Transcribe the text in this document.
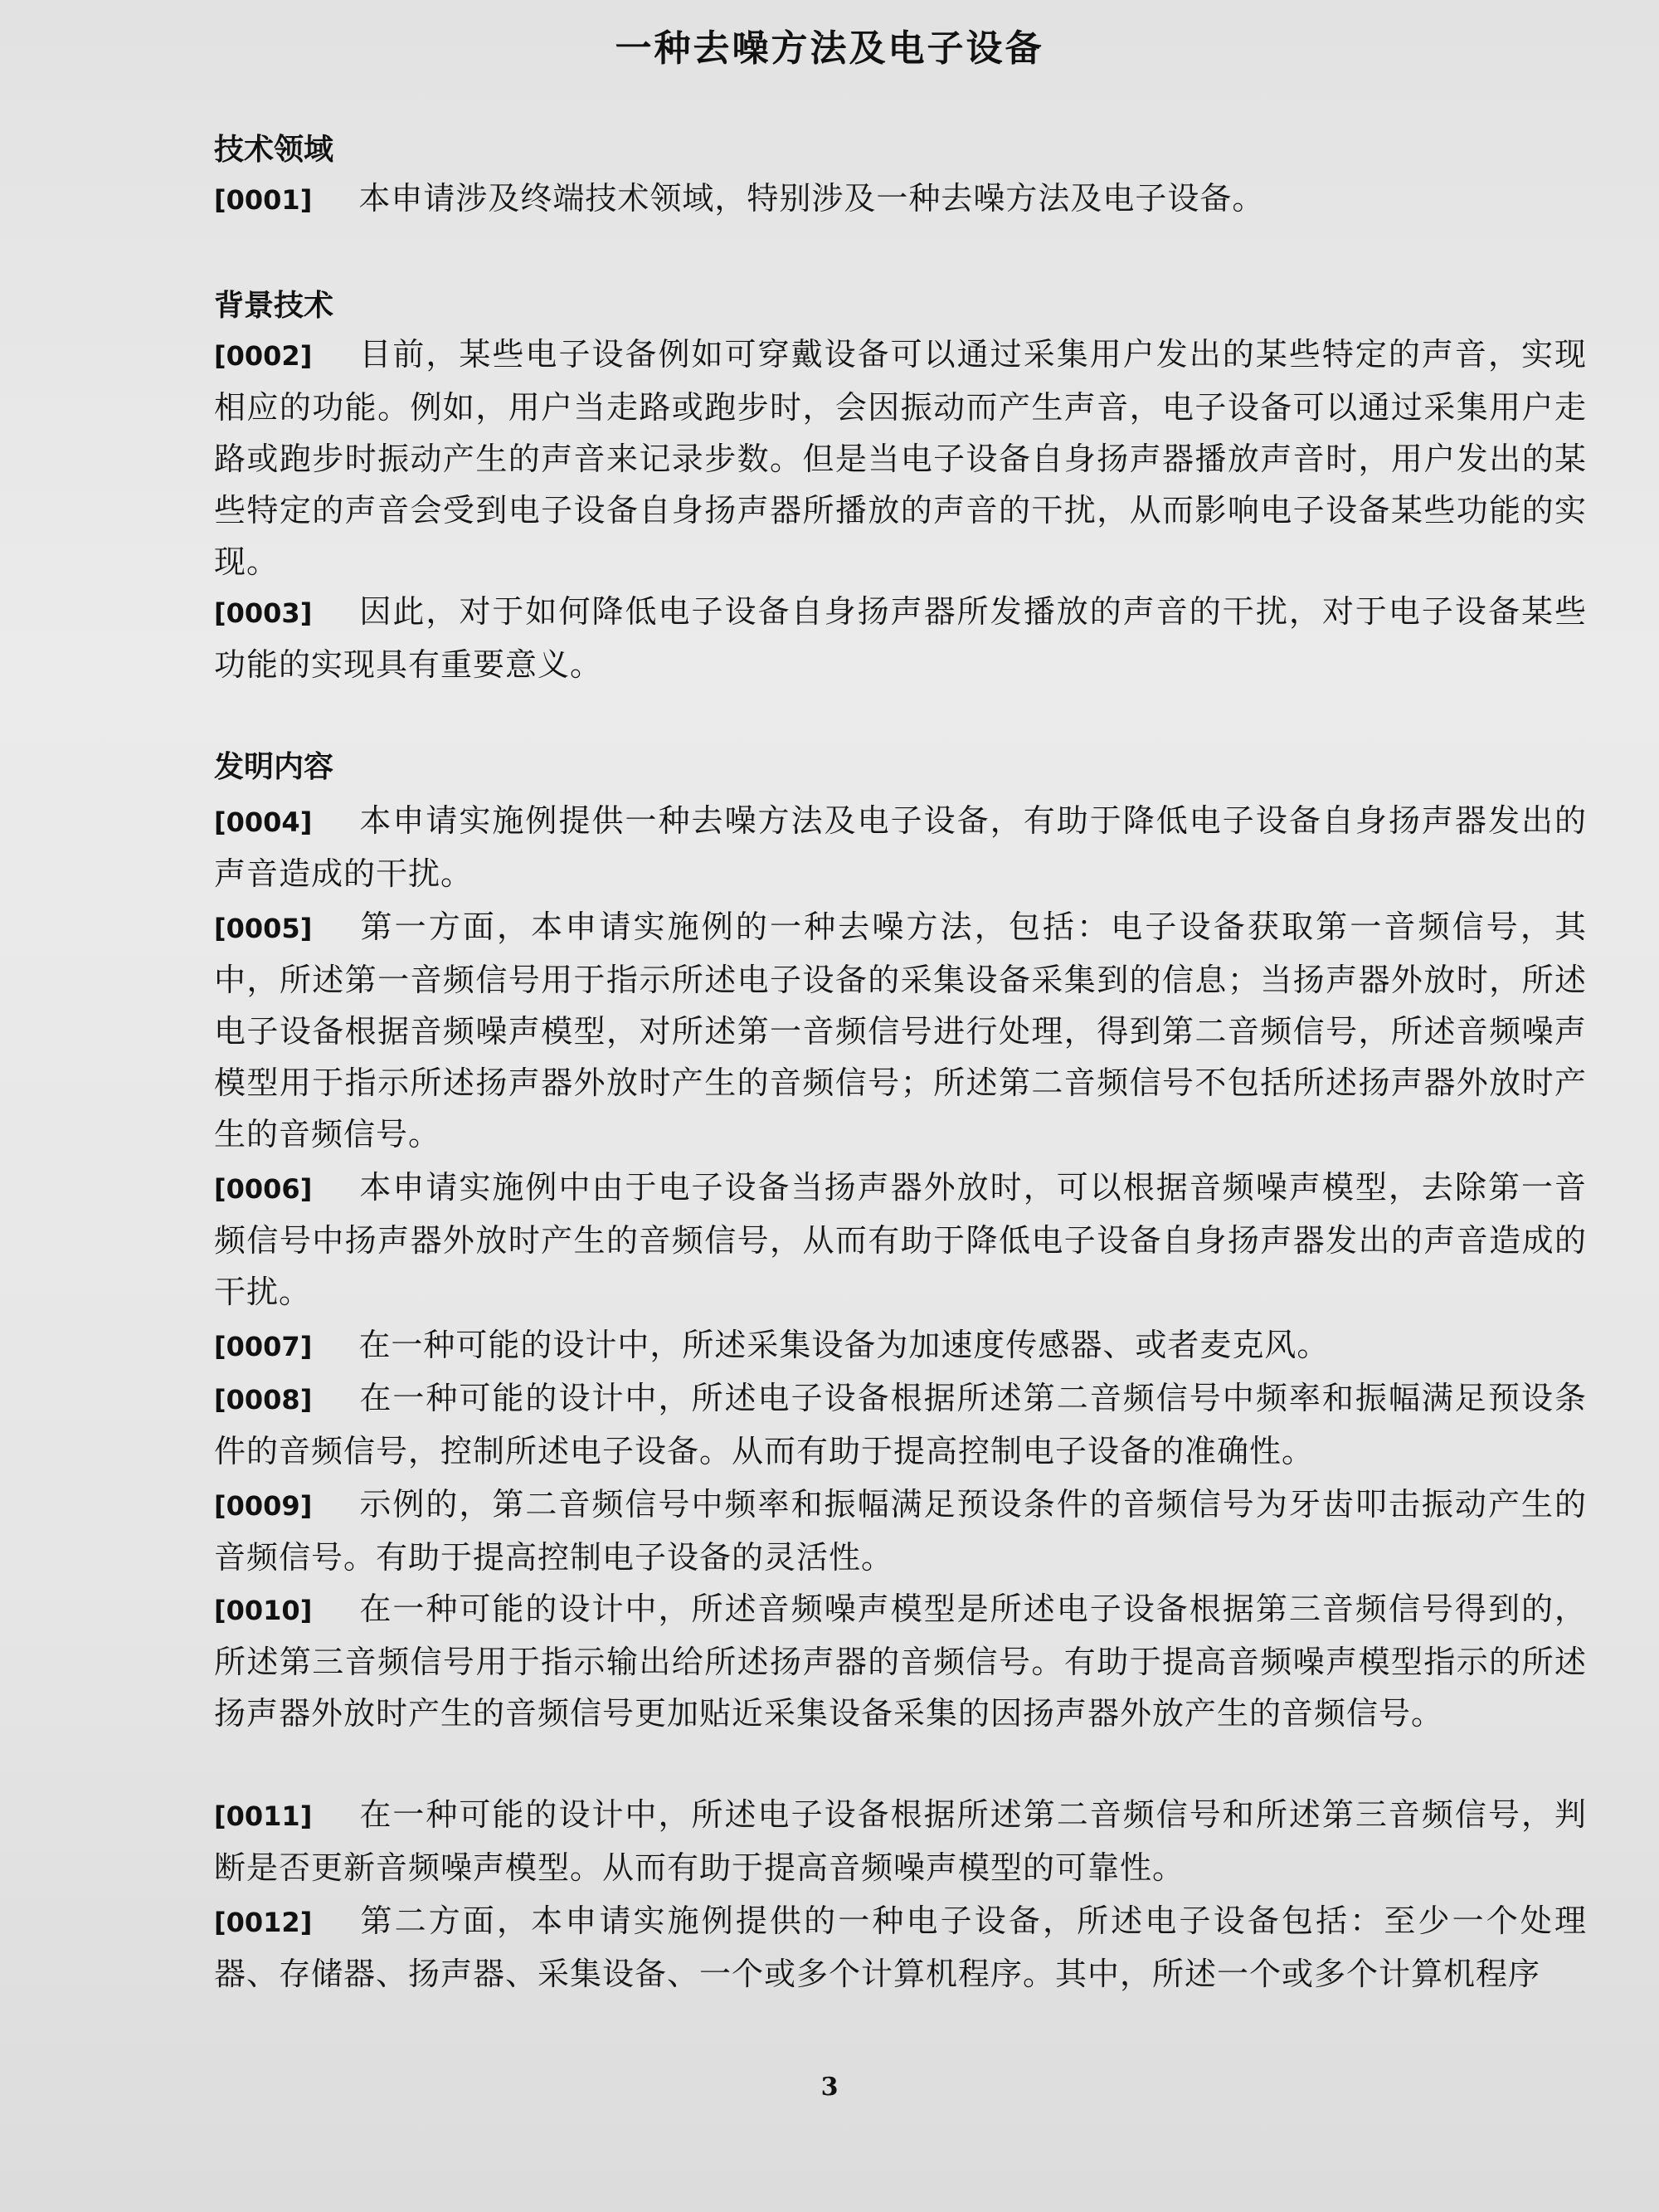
一种去噪方法及电子设备
技术领域
[0001] 本申请涉及终端技术领域，特别涉及一种去噪方法及电子设备。
背景技术
[0002] 目前，某些电子设备例如可穿戴设备可以通过采集用户发出的某些特定的声音，实现相应的功能。例如，用户当走路或跑步时，会因振动而产生声音，电子设备可以通过采集用户走路或跑步时振动产生的声音来记录步数。但是当电子设备自身扬声器播放声音时，用户发出的某些特定的声音会受到电子设备自身扬声器所播放的声音的干扰，从而影响电子设备某些功能的实现。
[0003] 因此，对于如何降低电子设备自身扬声器所发播放的声音的干扰，对于电子设备某些功能的实现具有重要意义。
发明内容
[0004] 本申请实施例提供一种去噪方法及电子设备，有助于降低电子设备自身扬声器发出的声音造成的干扰。
[0005] 第一方面，本申请实施例的一种去噪方法，包括：电子设备获取第一音频信号，其中，所述第一音频信号用于指示所述电子设备的采集设备采集到的信息；当扬声器外放时，所述电子设备根据音频噪声模型，对所述第一音频信号进行处理，得到第二音频信号，所述音频噪声模型用于指示所述扬声器外放时产生的音频信号；所述第二音频信号不包括所述扬声器外放时产生的音频信号。
[0006] 本申请实施例中由于电子设备当扬声器外放时，可以根据音频噪声模型，去除第一音频信号中扬声器外放时产生的音频信号，从而有助于降低电子设备自身扬声器发出的声音造成的干扰。
[0007] 在一种可能的设计中，所述采集设备为加速度传感器、或者麦克风。
[0008] 在一种可能的设计中，所述电子设备根据所述第二音频信号中频率和振幅满足预设条件的音频信号，控制所述电子设备。从而有助于提高控制电子设备的准确性。
[0009] 示例的，第二音频信号中频率和振幅满足预设条件的音频信号为牙齿叩击振动产生的音频信号。有助于提高控制电子设备的灵活性。
[0010] 在一种可能的设计中，所述音频噪声模型是所述电子设备根据第三音频信号得到的，所述第三音频信号用于指示输出给所述扬声器的音频信号。有助于提高音频噪声模型指示的所述扬声器外放时产生的音频信号更加贴近采集设备采集的因扬声器外放产生的音频信号。
[0011] 在一种可能的设计中，所述电子设备根据所述第二音频信号和所述第三音频信号，判断是否更新音频噪声模型。从而有助于提高音频噪声模型的可靠性。
[0012] 第二方面，本申请实施例提供的一种电子设备，所述电子设备包括：至少一个处理器、存储器、扬声器、采集设备、一个或多个计算机程序。其中，所述一个或多个计算机程序
3
